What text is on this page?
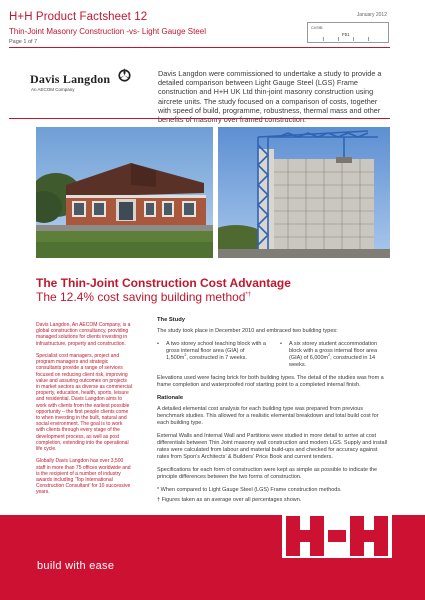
H+H Product Factsheet 12
Thin-Joint Masonry Construction -vs- Light Gauge Steel
Page 1 of 7
January 2012
CI/SfB
F51
Davis Langdon
An AECOM Company
Davis Langdon were commissioned to undertake a study to provide a detailed comparison between Light Gauge Steel (LGS) Frame construction and H+H UK Ltd thin-joint masonry construction using aircrete units. The study focused on a comparison of costs, together with speed of build, programme, robustness, thermal mass and other benefits of masonry over framed construction.
The Thin-Joint Construction Cost Advantage
The 12.4% cost saving building method*†

Davis Langdon, An AECOM Company, is a global construction consultancy, providing managed solutions for clients investing in infrastructure, property and construction.

Specialist cost managers, project and program managers and strategic consultants provide a range of services focused on reducing client risk, improving value and assuring outcomes on projects in market sectors as diverse as commercial property, education, health, sports, leisure and residential. Davis Langdon aims to work with clients from the earliest possible opportunity – the first people clients come to when investing in the built, natural and social environment. The goal is to work with clients through every stage of the development process, as well as post completion, extending into the operational life cycle.

Globally Davis Langdon has over 3,500 staff in more than 75 offices worldwide and is the recipient of a number of industry awards including ‘Top International Construction Consultant’ for 10 successive years.

The Study

The study took place in December 2010 and embraced two building types:

•	A two storey school teaching block with a gross internal floor area (GIA) of $1,500m^2$, constructed in 7 weeks.
•	A six storey student accommodation block with a gross internal floor area (GIA) of $6,000m^2$, constructed in 14 weeks.

Elevations used were facing brick for both building types. The detail of the studies was from a frame completion and waterproofed roof starting point to a completed internal finish.

Rationale

A detailed elemental cost analysis for each building type was prepared from previous benchmark studies. This allowed for a realistic elemental breakdown and total build cost for each building type.

External Walls and Internal Wall and Partitions were studied in more detail to arrive at cost differentials between Thin Joint masonry wall construction and modern LGS. Supply and install rates were calculated from labour and material build-ups and checked for accuracy against rates from Spon’s Architects’ & Builders’ Price Book and current tenders.

Specifications for each form of construction were kept as simple as possible to indicate the principle differences between the two forms of construction.

* When compared to Light Gauge Steel (LGS) Frame construction methods.
† Figures taken as an average over all percentages shown.
build with ease
